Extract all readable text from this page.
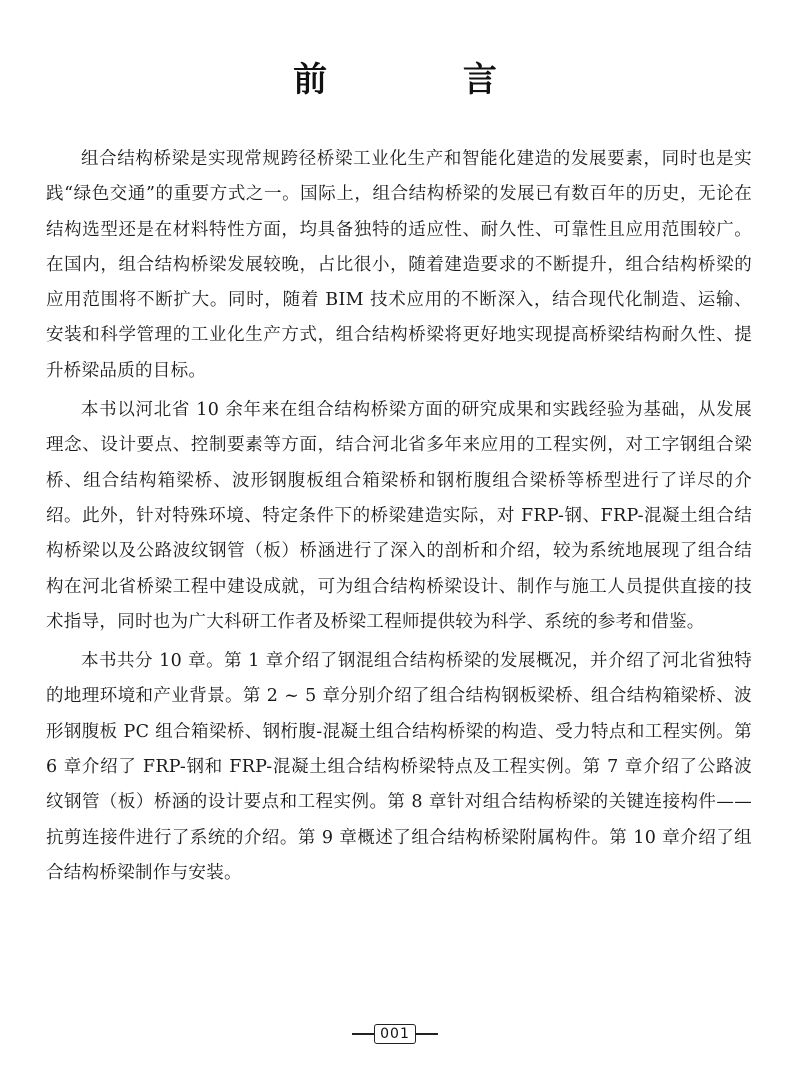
前 言

组合结构桥梁是实现常规跨径桥梁工业化生产和智能化建造的发展要素，同时也是实践“绿色交通”的重要方式之一。国际上，组合结构桥梁的发展已有数百年的历史，无论在结构选型还是在材料特性方面，均具备独特的适应性、耐久性、可靠性且应用范围较广。在国内，组合结构桥梁发展较晚，占比很小，随着建造要求的不断提升，组合结构桥梁的应用范围将不断扩大。同时，随着 BIM 技术应用的不断深入，结合现代化制造、运输、安装和科学管理的工业化生产方式，组合结构桥梁将更好地实现提高桥梁结构耐久性、提升桥梁品质的目标。

本书以河北省 10 余年来在组合结构桥梁方面的研究成果和实践经验为基础，从发展理念、设计要点、控制要素等方面，结合河北省多年来应用的工程实例，对工字钢组合梁桥、组合结构箱梁桥、波形钢腹板组合箱梁桥和钢桁腹组合梁桥等桥型进行了详尽的介绍。此外，针对特殊环境、特定条件下的桥梁建造实际，对 FRP-钢、FRP-混凝土组合结构桥梁以及公路波纹钢管（板）桥涵进行了深入的剖析和介绍，较为系统地展现了组合结构在河北省桥梁工程中建设成就，可为组合结构桥梁设计、制作与施工人员提供直接的技术指导，同时也为广大科研工作者及桥梁工程师提供较为科学、系统的参考和借鉴。

本书共分 10 章。第 1 章介绍了钢混组合结构桥梁的发展概况，并介绍了河北省独特的地理环境和产业背景。第 2 ~ 5 章分别介绍了组合结构钢板梁桥、组合结构箱梁桥、波形钢腹板 PC 组合箱梁桥、钢桁腹-混凝土组合结构桥梁的构造、受力特点和工程实例。第 6 章介绍了 FRP-钢和 FRP-混凝土组合结构桥梁特点及工程实例。第 7 章介绍了公路波纹钢管（板）桥涵的设计要点和工程实例。第 8 章针对组合结构桥梁的关键连接构件——抗剪连接件进行了系统的介绍。第 9 章概述了组合结构桥梁附属构件。第 10 章介绍了组合结构桥梁制作与安装。

001
